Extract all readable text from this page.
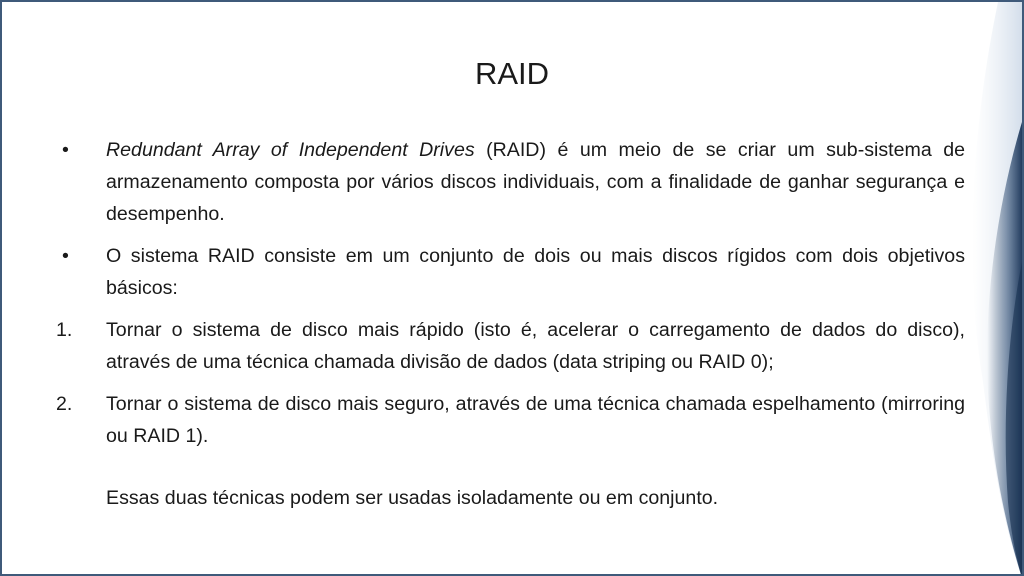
RAID
•	Redundant Array of Independent Drives (RAID) é um meio de se criar um sub-sistema de armazenamento composta por vários discos individuais, com a finalidade de ganhar segurança e desempenho.
•	O sistema RAID consiste em um conjunto de dois ou mais discos rígidos com dois objetivos básicos:
1.	Tornar o sistema de disco mais rápido (isto é, acelerar o carregamento de dados do disco), através de uma técnica chamada divisão de dados (data striping ou RAID 0);
2.	Tornar o sistema de disco mais seguro, através de uma técnica chamada espelhamento (mirroring ou RAID 1).
Essas duas técnicas podem ser usadas isoladamente ou em conjunto.
